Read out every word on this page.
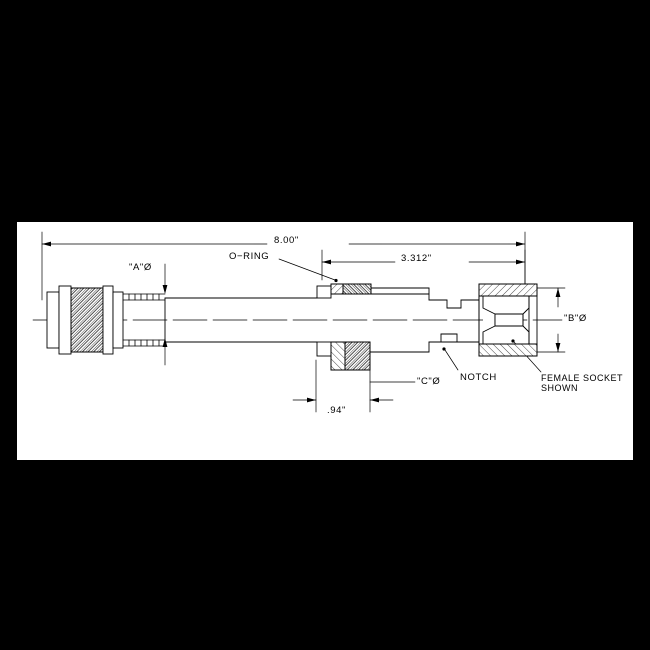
8.00"
3.312"
"A"Ø
O−RING
"B"Ø
NOTCH	FEMALE SOCKET
SHOWN
.94"
"C"Ø
